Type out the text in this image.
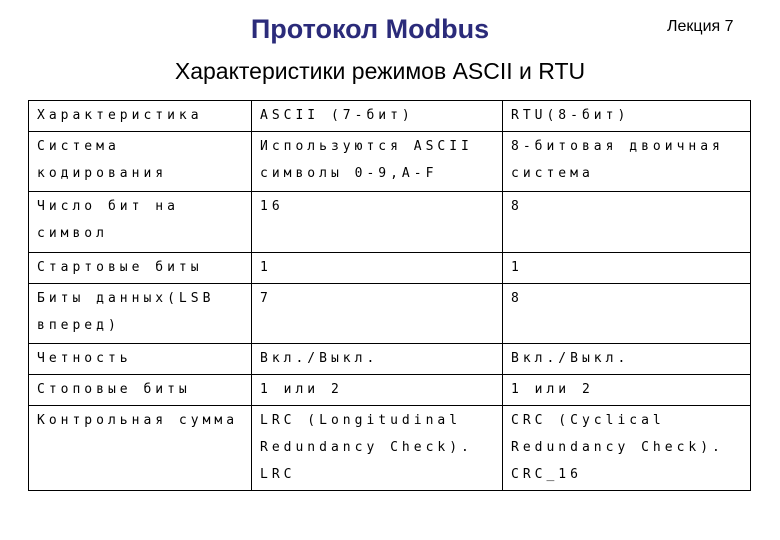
Лекция 7
Протокол Modbus
Характеристики режимов ASCII и RTU
Характеристика	ASCII (7-бит)	RTU(8-бит)
Система кодирования	Используются ASCII символы 0-9,A-F	8-битовая двоичная система
Число бит на символ	16	8
Стартовые биты	1	1
Биты данных(LSB вперед)	7	8
Четность	Вкл./Выкл.	Вкл./Выкл.
Стоповые биты	1 или 2	1 или 2
Контрольная сумма	LRC (Longitudinal Redundancy Check). LRC	CRC (Cyclical Redundancy Check). CRC_16
